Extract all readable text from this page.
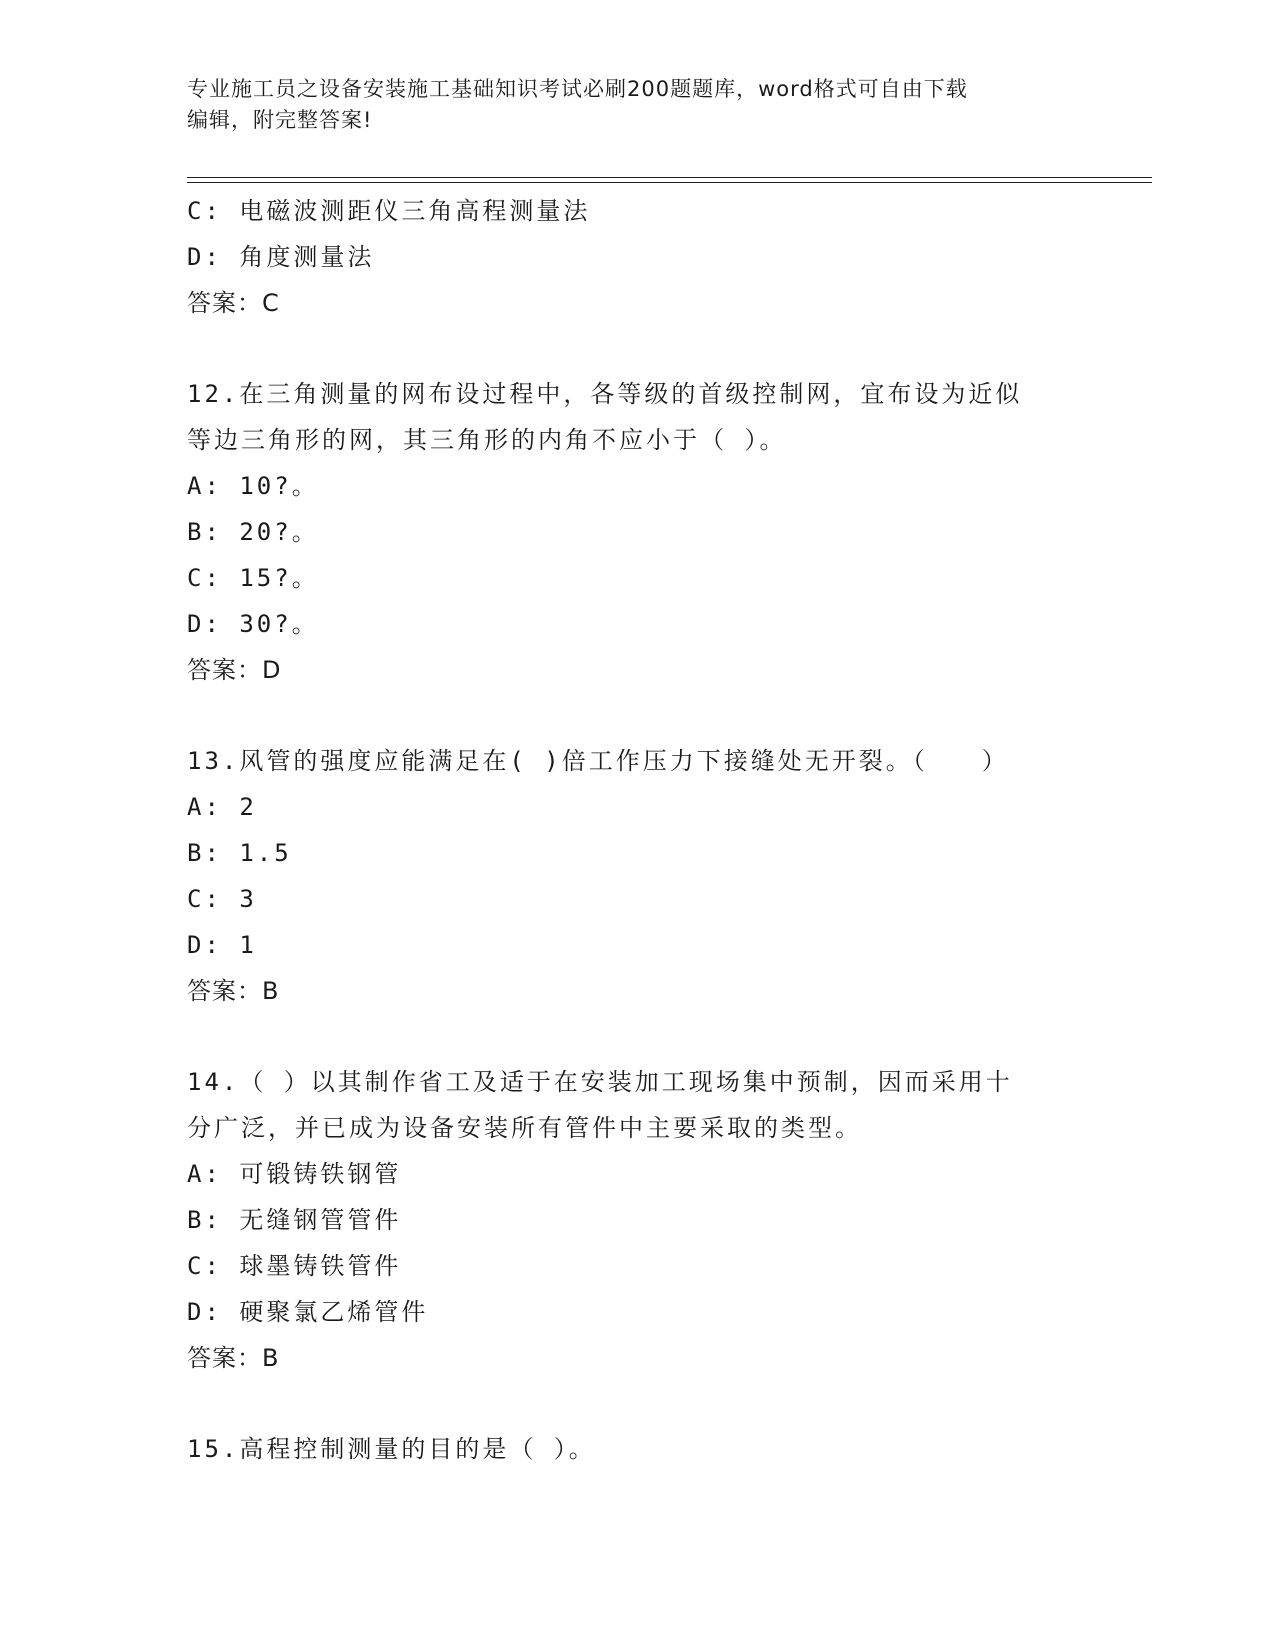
专业施工员之设备安装施工基础知识考试必刷200题题库，word格式可自由下载
编辑，附完整答案!
C: 电磁波测距仪三角高程测量法
D: 角度测量法
答案：C
12.在三角测量的网布设过程中，各等级的首级控制网，宜布设为近似
等边三角形的网，其三角形的内角不应小于（ ）。
A: 10?。
B: 20?。
C: 15?。
D: 30?。
答案：D
13.风管的强度应能满足在( )倍工作压力下接缝处无开裂。（　　）
A: 2
B: 1.5
C: 3
D: 1
答案：B
14.（ ）以其制作省工及适于在安装加工现场集中预制，因而采用十
分广泛，并已成为设备安装所有管件中主要采取的类型。
A: 可锻铸铁钢管
B: 无缝钢管管件
C: 球墨铸铁管件
D: 硬聚氯乙烯管件
答案：B
15.高程控制测量的目的是（ ）。
